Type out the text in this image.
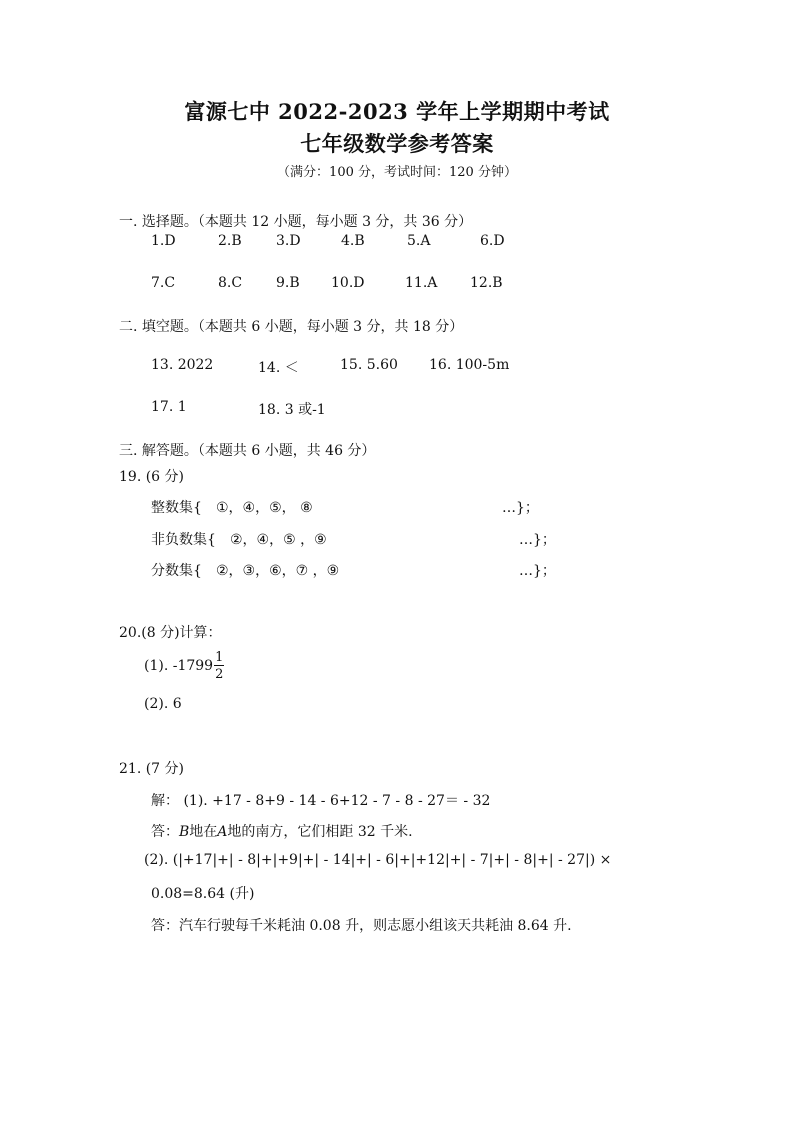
富源七中 2022-2023 学年上学期期中考试
七年级数学参考答案
（满分：100 分，考试时间：120 分钟）
一. 选择题。（本题共 12 小题，每小题 3 分，共 36 分）
1.D	2.B 3.D	4.B	5.A	6.D
7.C	8.C 9.B 10.D	11.A 12.B
二. 填空题。（本题共 6 小题，每小题 3 分，共 18 分）
13. 2022	14. ＜	15. 5.60 16. 100-5m
17. 1	18. 3 或-1
三. 解答题。（本题共 6 小题，共 46 分）
19. (6 分)
整数集{ ①，④，⑤， ⑧	…}；
非负数集{ ②，④，⑤ ，⑨	…}；
分数集{ ②，③，⑥，⑦ ，⑨	…}；
20.(8 分)计算：
(1). $-1799 \frac{1}{2}$
(2). 6
21. (7 分)
解： (1). +17 - 8+9 - 14 - 6+12 - 7 - 8 - 27＝ - 32
答：B地在A地的南方，它们相距 32 千米.
(2). (|+17|+| - 8|+|+9|+| - 14|+| - 6|+|+12|+| - 7|+| - 8|+| - 27|) ×
0.08=8.64 (升)
答：汽车行驶每千米耗油 0.08 升，则志愿小组该天共耗油 8.64 升.
